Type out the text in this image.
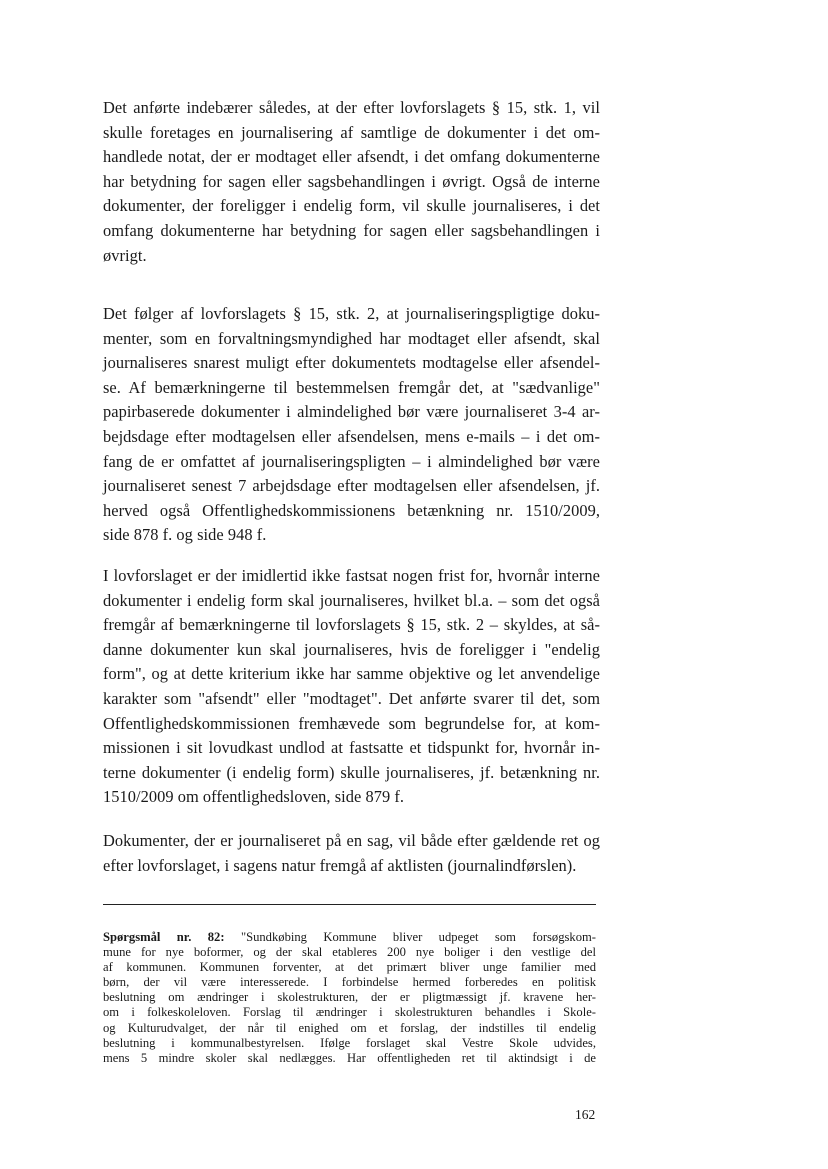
Det anførte indebærer således, at der efter lovforslagets § 15, stk. 1, vil
skulle foretages en journalisering af samtlige de dokumenter i det om-
handlede notat, der er modtaget eller afsendt, i det omfang dokumenterne
har betydning for sagen eller sagsbehandlingen i øvrigt. Også de interne
dokumenter, der foreligger i endelig form, vil skulle journaliseres, i det
omfang dokumenterne har betydning for sagen eller sagsbehandlingen i
øvrigt.
Det følger af lovforslagets § 15, stk. 2, at journaliseringspligtige doku-
menter, som en forvaltningsmyndighed har modtaget eller afsendt, skal
journaliseres snarest muligt efter dokumentets modtagelse eller afsendel-
se. Af bemærkningerne til bestemmelsen fremgår det, at "sædvanlige"
papirbaserede dokumenter i almindelighed bør være journaliseret 3-4 ar-
bejdsdage efter modtagelsen eller afsendelsen, mens e-mails – i det om-
fang de er omfattet af journaliseringspligten – i almindelighed bør være
journaliseret senest 7 arbejdsdage efter modtagelsen eller afsendelsen, jf.
herved også Offentlighedskommissionens betænkning nr. 1510/2009,
side 878 f. og side 948 f.
I lovforslaget er der imidlertid ikke fastsat nogen frist for, hvornår interne
dokumenter i endelig form skal journaliseres, hvilket bl.a. – som det også
fremgår af bemærkningerne til lovforslagets § 15, stk. 2 – skyldes, at så-
danne dokumenter kun skal journaliseres, hvis de foreligger i "endelig
form", og at dette kriterium ikke har samme objektive og let anvendelige
karakter som "afsendt" eller "modtaget". Det anførte svarer til det, som
Offentlighedskommissionen fremhævede som begrundelse for, at kom-
missionen i sit lovudkast undlod at fastsatte et tidspunkt for, hvornår in-
terne dokumenter (i endelig form) skulle journaliseres, jf. betænkning nr.
1510/2009 om offentlighedsloven, side 879 f.
Dokumenter, der er journaliseret på en sag, vil både efter gældende ret og
efter lovforslaget, i sagens natur fremgå af aktlisten (journalindførslen).
Spørgsmål nr. 82: "Sundkøbing Kommune bliver udpeget som forsøgskom-
mune for nye boformer, og der skal etableres 200 nye boliger i den vestlige del
af kommunen. Kommunen forventer, at det primært bliver unge familier med
børn, der vil være interesserede. I forbindelse hermed forberedes en politisk
beslutning om ændringer i skolestrukturen, der er pligtmæssigt jf. kravene her-
om i folkeskoleloven. Forslag til ændringer i skolestrukturen behandles i Skole-
og Kulturudvalget, der når til enighed om et forslag, der indstilles til endelig
beslutning i kommunalbestyrelsen. Ifølge forslaget skal Vestre Skole udvides,
mens 5 mindre skoler skal nedlægges. Har offentligheden ret til aktindsigt i de
162
